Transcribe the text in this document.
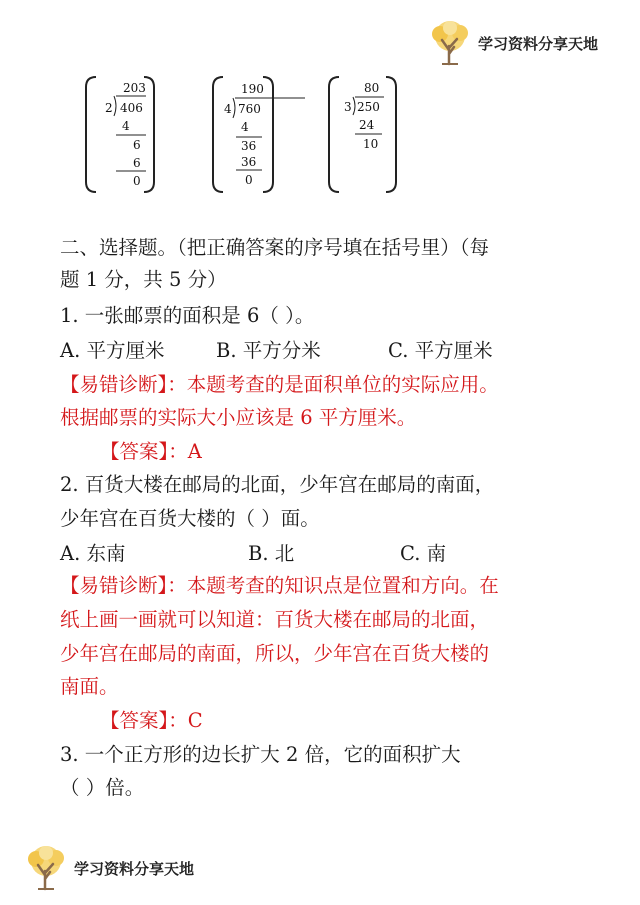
学习资料分享天地
203
2 406
4
6
6
0
190
4 760
4
36
36
0
80
3 250
24
10
二、选择题。（把正确答案的序号填在括号里）（每
题 1 分，共 5 分）
1. 一张邮票的面积是 6（ ）。
A. 平方厘米	B. 平方分米	C. 平方厘米
【易错诊断】：本题考查的是面积单位的实际应用。
根据邮票的实际大小应该是 6 平方厘米。
【答案】：A
2. 百货大楼在邮局的北面，少年宫在邮局的南面，
少年宫在百货大楼的（ ）面。
A. 东南	B. 北	C. 南
【易错诊断】：本题考查的知识点是位置和方向。在
纸上画一画就可以知道：百货大楼在邮局的北面，
少年宫在邮局的南面，所以，少年宫在百货大楼的
南面。
【答案】：C
3. 一个正方形的边长扩大 2 倍，它的面积扩大
（ ）倍。
学习资料分享天地
